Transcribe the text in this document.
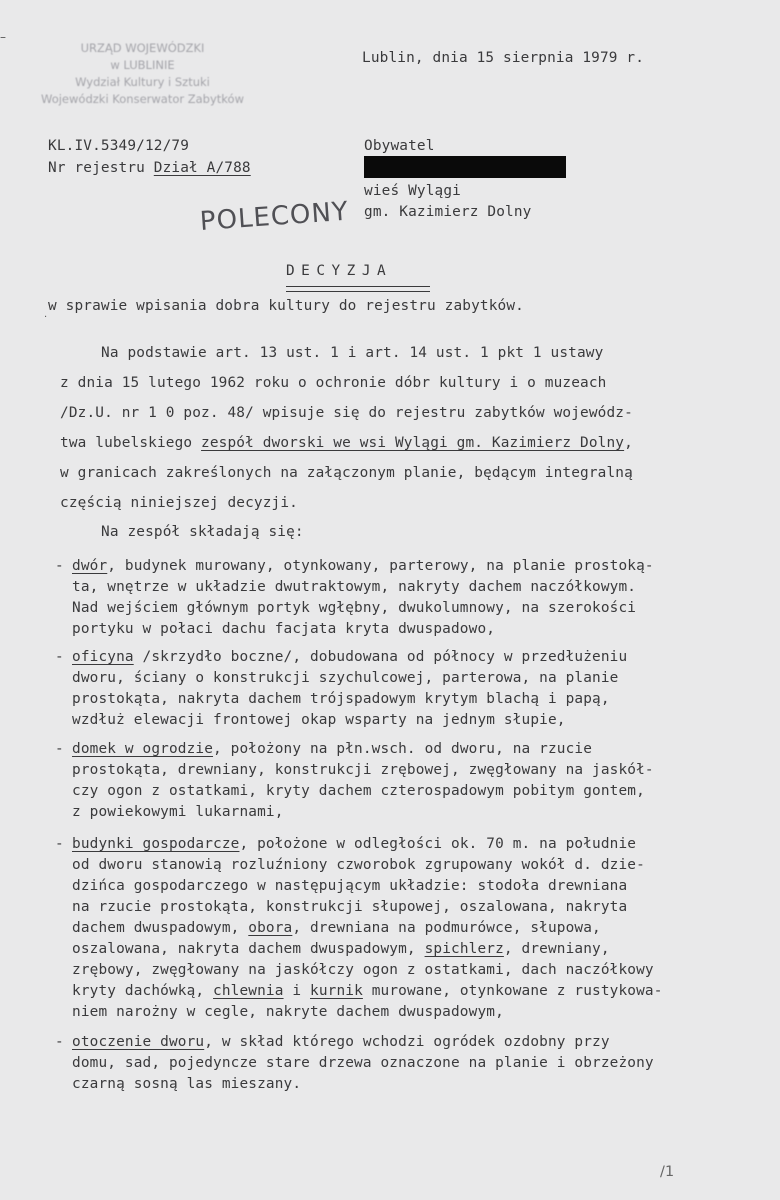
URZĄD WOJEWÓDZKI
w LUBLINIE
Wydział Kultury i Sztuki
Wojewódzki Konserwator Zabytków
Lublin, dnia 15 sierpnia 1979 r.
KL.IV.5349/12/79
Nr rejestru Dział A/788
Obywatel
wieś Wylągi
gm. Kazimierz Dolny
POLECONY
DECYZJA
w sprawie wpisania dobra kultury do rejestru zabytków.
Na podstawie art. 13 ust. 1 i art. 14 ust. 1 pkt 1 ustawy
z dnia 15 lutego 1962 roku o ochronie dóbr kultury i o muzeach
/Dz.U. nr 1 0 poz. 48/ wpisuje się do rejestru zabytków wojewódz-
twa lubelskiego zespół dworski we wsi Wylągi gm. Kazimierz Dolny,
w granicach zakreślonych na załączonym planie, będącym integralną
częścią niniejszej decyzji.
Na zespół składają się:
- dwór, budynek murowany, otynkowany, parterowy, na planie prostoką-
ta, wnętrze w układzie dwutraktowym, nakryty dachem naczółkowym.
Nad wejściem głównym portyk wgłębny, dwukolumnowy, na szerokości
portyku w połaci dachu facjata kryta dwuspadowo,
- oficyna /skrzydło boczne/, dobudowana od północy w przedłużeniu
dworu, ściany o konstrukcji szychulcowej, parterowa, na planie
prostokąta, nakryta dachem trójspadowym krytym blachą i papą,
wzdłuż elewacji frontowej okap wsparty na jednym słupie,
- domek w ogrodzie, położony na płn.wsch. od dworu, na rzucie
prostokąta, drewniany, konstrukcji zrębowej, zwęgłowany na jaskół-
czy ogon z ostatkami, kryty dachem czterospadowym pobitym gontem,
z powiekowymi lukarnami,
- budynki gospodarcze, położone w odległości ok. 70 m. na południe
od dworu stanowią rozluźniony czworobok zgrupowany wokół d. dzie-
dzińca gospodarczego w następującym układzie: stodoła drewniana
na rzucie prostokąta, konstrukcji słupowej, oszalowana, nakryta
dachem dwuspadowym, obora, drewniana na podmurówce, słupowa,
oszalowana, nakryta dachem dwuspadowym, spichlerz, drewniany,
zrębowy, zwęgłowany na jaskółczy ogon z ostatkami, dach naczółkowy
kryty dachówką, chlewnia i kurnik murowane, otynkowane z rustykowa-
niem narożny w cegle, nakryte dachem dwuspadowym,
- otoczenie dworu, w skład którego wchodzi ogródek ozdobny przy
domu, sad, pojedyncze stare drzewa oznaczone na planie i obrzeżony
czarną sosną las mieszany.
/1
–
·
